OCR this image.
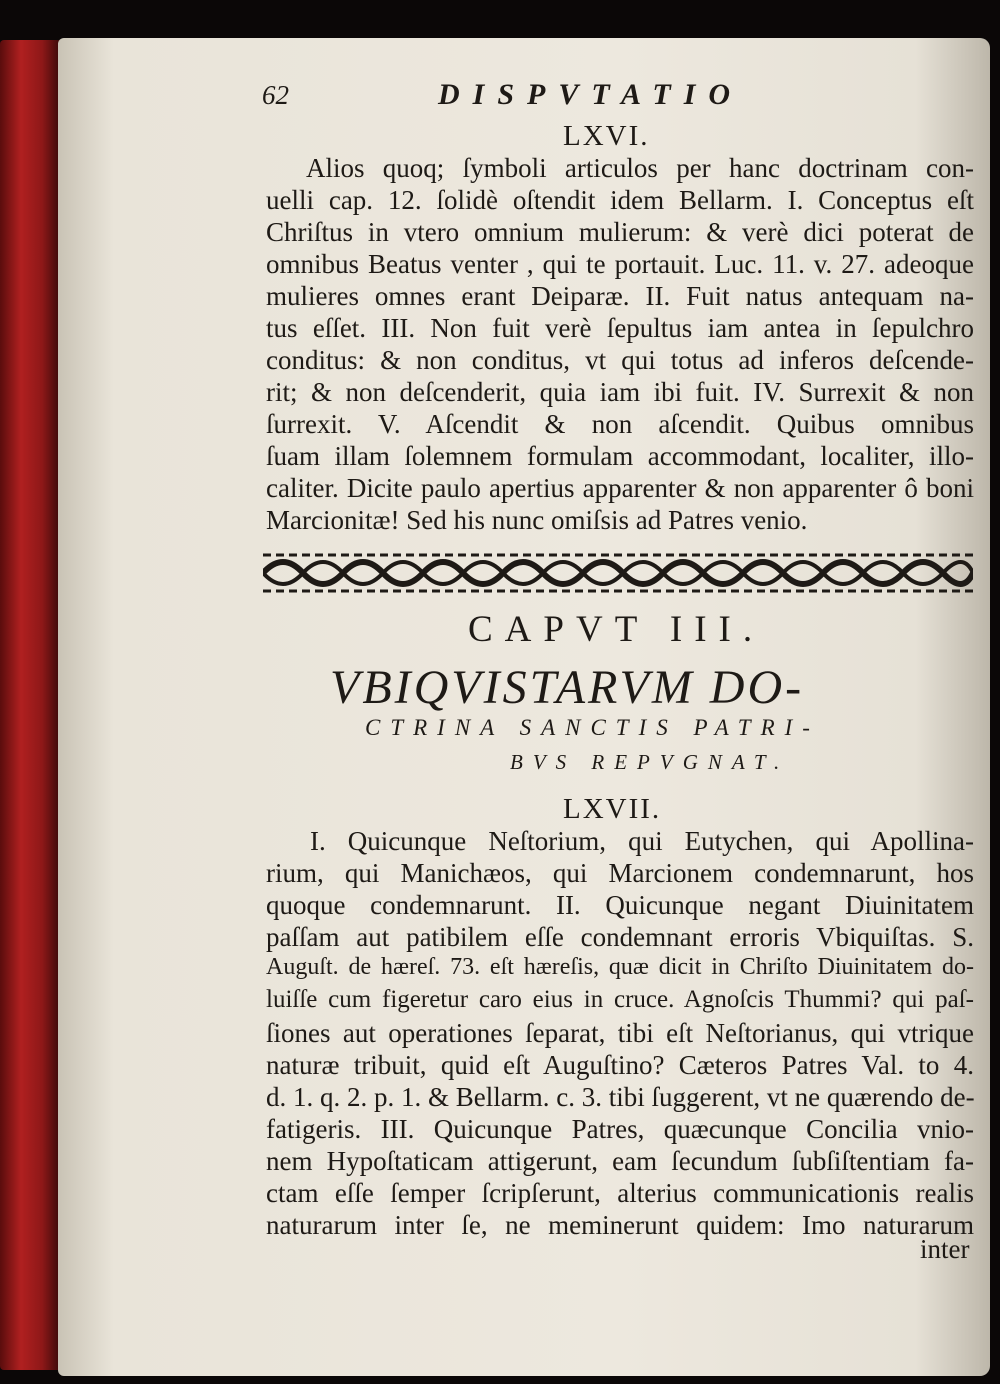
62	DISPVTATIO
LXVI.
Alios quoq; ſymboli articulos per hanc doctrinam con-
uelli cap. 12. ſolidè oſtendit idem Bellarm. I. Conceptus eſt
Chriſtus in vtero omnium mulierum: & verè dici poterat de
omnibus Beatus venter , qui te portauit. Luc. 11. v. 27. adeoque
mulieres omnes erant Deiparæ. II. Fuit natus antequam na-
tus eſſet. III. Non fuit verè ſepultus iam antea in ſepulchro
conditus: & non conditus, vt qui totus ad inferos deſcende-
rit; & non deſcenderit, quia iam ibi fuit. IV. Surrexit & non
ſurrexit. V. Aſcendit & non aſcendit. Quibus omnibus
ſuam illam ſolemnem formulam accommodant, localiter, illo-
caliter. Dicite paulo apertius apparenter & non apparenter ô boni
Marcionitæ! Sed his nunc omiſsis ad Patres venio.
CAPVT III.
VBIQVISTARVM DO-
CTRINA SANCTIS PATRI-
BVS REPVGNAT.
LXVII.
I. Quicunque Neſtorium, qui Eutychen, qui Apollina-
rium, qui Manichæos, qui Marcionem condemnarunt, hos
quoque condemnarunt. II. Quicunque negant Diuinitatem
paſſam aut patibilem eſſe condemnant erroris Vbiquiſtas. S.
Auguſt. de hæreſ. 73. eſt hæreſis, quæ dicit in Chriſto Diuinitatem do-
luiſſe cum figeretur caro eius in cruce. Agnoſcis Thummi? qui paſ-
ſiones aut operationes ſeparat, tibi eſt Neſtorianus, qui vtrique
naturæ tribuit, quid eſt Auguſtino? Cæteros Patres Val. to 4.
d. 1. q. 2. p. 1. & Bellarm. c. 3. tibi ſuggerent, vt ne quærendo de-
fatigeris. III. Quicunque Patres, quæcunque Concilia vnio-
nem Hypoſtaticam attigerunt, eam ſecundum ſubſiſtentiam fa-
ctam eſſe ſemper ſcripſerunt, alterius communicationis realis
naturarum inter ſe, ne meminerunt quidem: Imo naturarum
inter
